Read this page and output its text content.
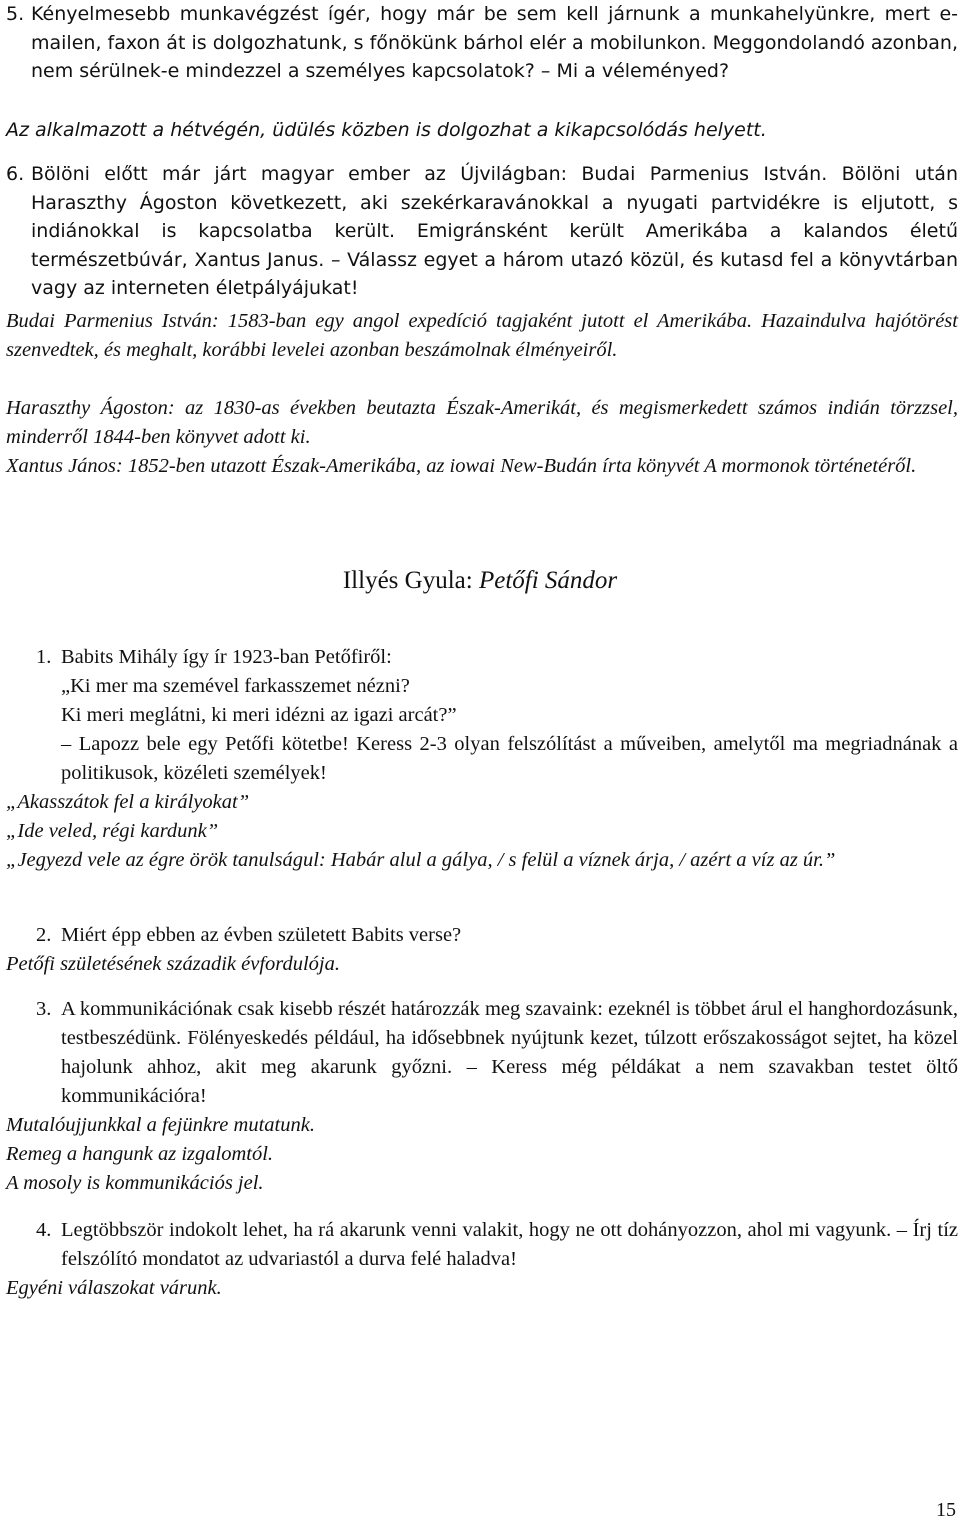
5. Kényelmesebb munkavégzést ígér, hogy már be sem kell járnunk a munkahelyünkre, mert e-mailen, faxon át is dolgozhatunk, s főnökünk bárhol elér a mobilunkon. Meggondolandó azonban, nem sérülnek-e mindezzel a személyes kapcsolatok? – Mi a véleményed?

Az alkalmazott a hétvégén, üdülés közben is dolgozhat a kikapcsolódás helyett.

6. Bölöni előtt már járt magyar ember az Újvilágban: Budai Parmenius István. Bölöni után Haraszthy Ágoston következett, aki szekérkaravánokkal a nyugati partvidékre is eljutott, s indiánokkal is kapcsolatba került. Emigránsként került Amerikába a kalandos életű természetbúvár, Xantus Janus. – Válassz egyet a három utazó közül, és kutasd fel a könyvtárban vagy az interneten életpályájukat!

Budai Parmenius István: 1583-ban egy angol expedíció tagjaként jutott el Amerikába. Hazaindulva hajótörést szenvedtek, és meghalt, korábbi levelei azonban beszámolnak élményeiről.

Haraszthy Ágoston: az 1830-as években beutazta Észak-Amerikát, és megismerkedett számos indián törzzsel, minderről 1844-ben könyvet adott ki.

Xantus János: 1852-ben utazott Észak-Amerikába, az iowai New-Budán írta könyvét A mormonok történetéről.

Illyés Gyula: Petőfi Sándor
1. Babits Mihály így ír 1923-ban Petőfiről:
„Ki mer ma szemével farkasszemet nézni?
Ki meri meglátni, ki meri idézni az igazi arcát?”
– Lapozz bele egy Petőfi kötetbe! Keress 2-3 olyan felszólítást a műveiben, amelytől ma megriadnának a politikusok, közéleti személyek!

„Akasszátok fel a királyokat”

„Ide veled, régi kardunk”

„Jegyezd vele az égre örök tanulságul: Habár alul a gálya, / s felül a víznek árja, / azért a víz az úr.”

2. Miért épp ebben az évben született Babits verse?

Petőfi születésének századik évfordulója.

3. A kommunikációnak csak kisebb részét határozzák meg szavaink: ezeknél is többet árul el hanghordozásunk, testbeszédünk. Fölényeskedés például, ha idősebbnek nyújtunk kezet, túlzott erőszakosságot sejtet, ha közel hajolunk ahhoz, akit meg akarunk győzni. – Keress még példákat a nem szavakban testet öltő kommunikációra!

Mutalóujjunkkal a fejünkre mutatunk.

Remeg a hangunk az izgalomtól.

A mosoly is kommunikációs jel.

4. Legtöbbször indokolt lehet, ha rá akarunk venni valakit, hogy ne ott dohányozzon, ahol mi vagyunk. – Írj tíz felszólító mondatot az udvariastól a durva felé haladva!

Egyéni válaszokat várunk.

15
